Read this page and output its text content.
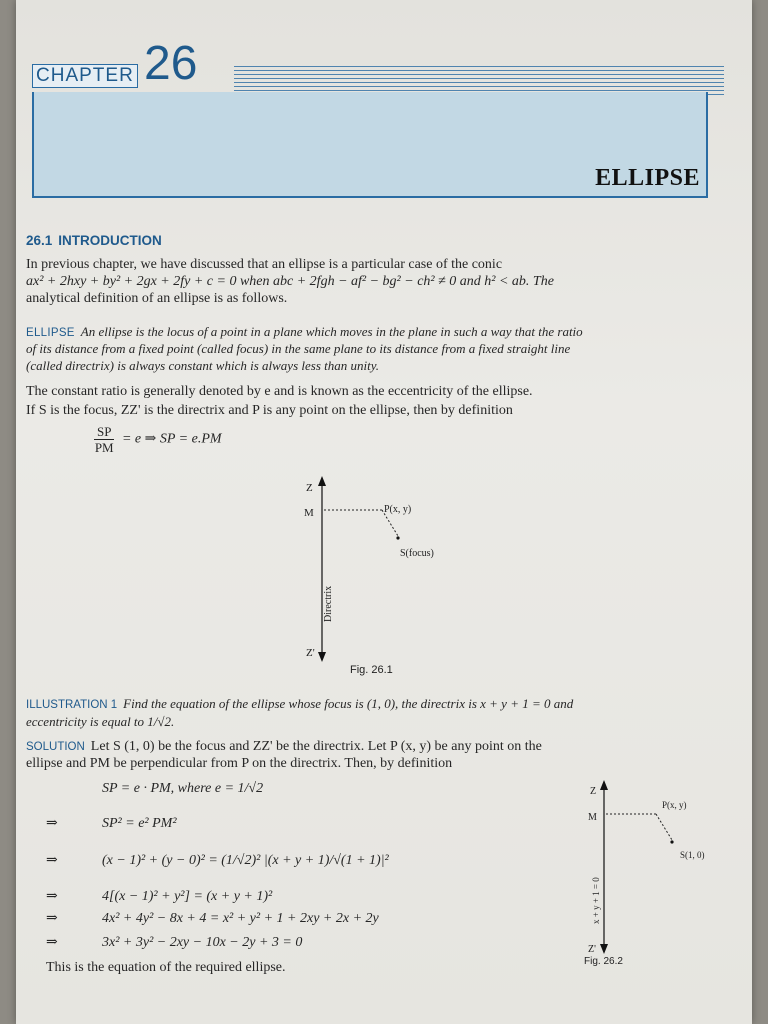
CHAPTER 26
ELLIPSE
26.1 INTRODUCTION
In previous chapter, we have discussed that an ellipse is a particular case of the conic
ax² + 2hxy + by² + 2gx + 2fy + c = 0 when abc + 2fgh − af² − bg² − ch² ≠ 0 and h² < ab. The
analytical definition of an ellipse is as follows.
ELLIPSE An ellipse is the locus of a point in a plane which moves in the plane in such a way that the ratio
of its distance from a fixed point (called focus) in the same plane to its distance from a fixed straight line
(called directrix) is always constant which is always less than unity.
The constant ratio is generally denoted by e and is known as the eccentricity of the ellipse.
If S is the focus, ZZ' is the directrix and P is any point on the ellipse, then by definition
$\frac{SP}{PM} = e$ ⇒ SP = e.PM
Z
M	P(x, y)
S(focus)
Directrix
Z'
Fig. 26.1
ILLUSTRATION 1 Find the equation of the ellipse whose focus is (1, 0), the directrix is x + y + 1 = 0 and
eccentricity is equal to 1/√2.
SOLUTION Let S (1, 0) be the focus and ZZ' be the directrix. Let P (x, y) be any point on the
ellipse and PM be perpendicular from P on the directrix. Then, by definition
SP = e · PM, where e = 1/√2
⇒	SP² = e² PM²
⇒	(x − 1)² + (y − 0)² = (1/√2)² |(x + y + 1)/√(1 + 1)|²
⇒	4[(x − 1)² + y²] = (x + y + 1)²
⇒	4x² + 4y² − 8x + 4 = x² + y² + 1 + 2xy + 2x + 2y
⇒	3x² + 3y² − 2xy − 10x − 2y + 3 = 0
This is the equation of the required ellipse.
Z
M
P(x, y)
S(1, 0)
x + y + 1 = 0
Z'
Fig. 26.2
